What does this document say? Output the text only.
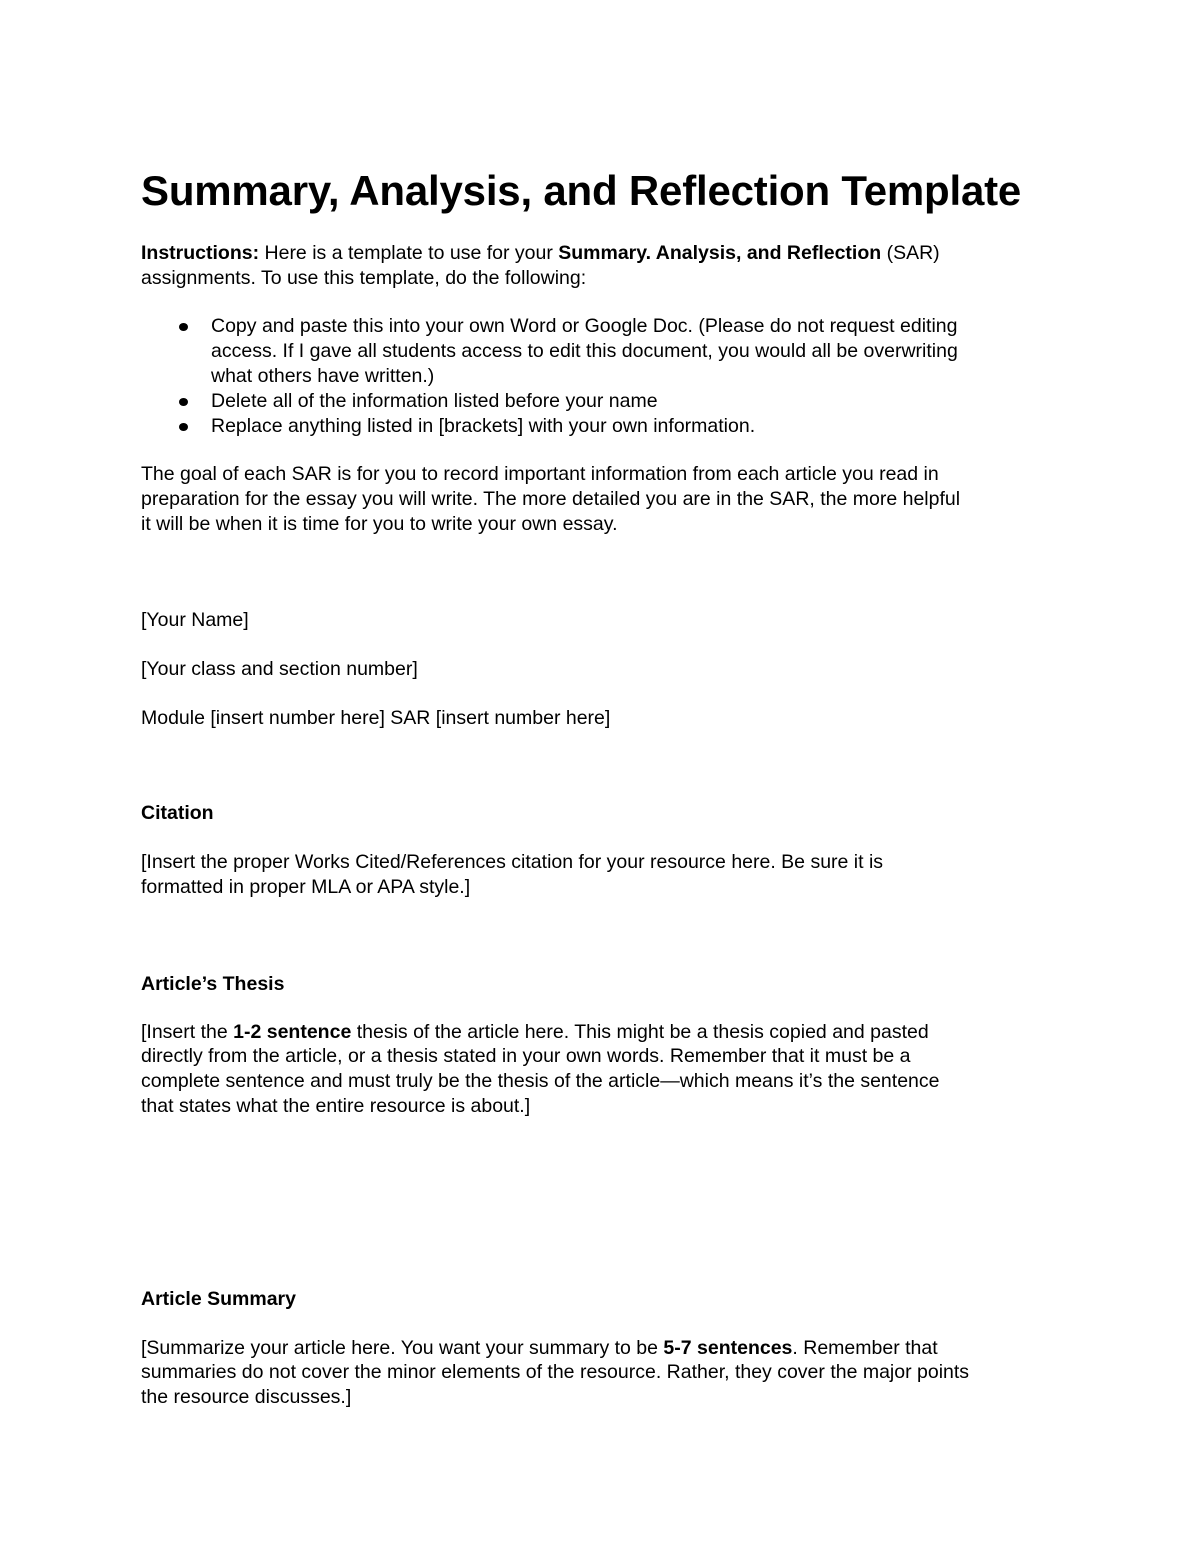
Summary, Analysis, and Reflection Template

Instructions: Here is a template to use for your Summary. Analysis, and Reflection (SAR)

assignments. To use this template, do the following:

Copy and paste this into your own Word or Google Doc. (Please do not request editing

access. If I gave all students access to edit this document, you would all be overwriting

what others have written.)

Delete all of the information listed before your name

Replace anything listed in [brackets] with your own information.

The goal of each SAR is for you to record important information from each article you read in

preparation for the essay you will write. The more detailed you are in the SAR, the more helpful

it will be when it is time for you to write your own essay.

[Your Name]

[Your class and section number]

Module [insert number here] SAR [insert number here]

Citation

[Insert the proper Works Cited/References citation for your resource here. Be sure it is

formatted in proper MLA or APA style.]

Article’s Thesis

[Insert the 1-2 sentence thesis of the article here. This might be a thesis copied and pasted

directly from the article, or a thesis stated in your own words. Remember that it must be a

complete sentence and must truly be the thesis of the article—which means it’s the sentence

that states what the entire resource is about.]

Article Summary

[Summarize your article here. You want your summary to be 5-7 sentences. Remember that

summaries do not cover the minor elements of the resource. Rather, they cover the major points

the resource discusses.]
